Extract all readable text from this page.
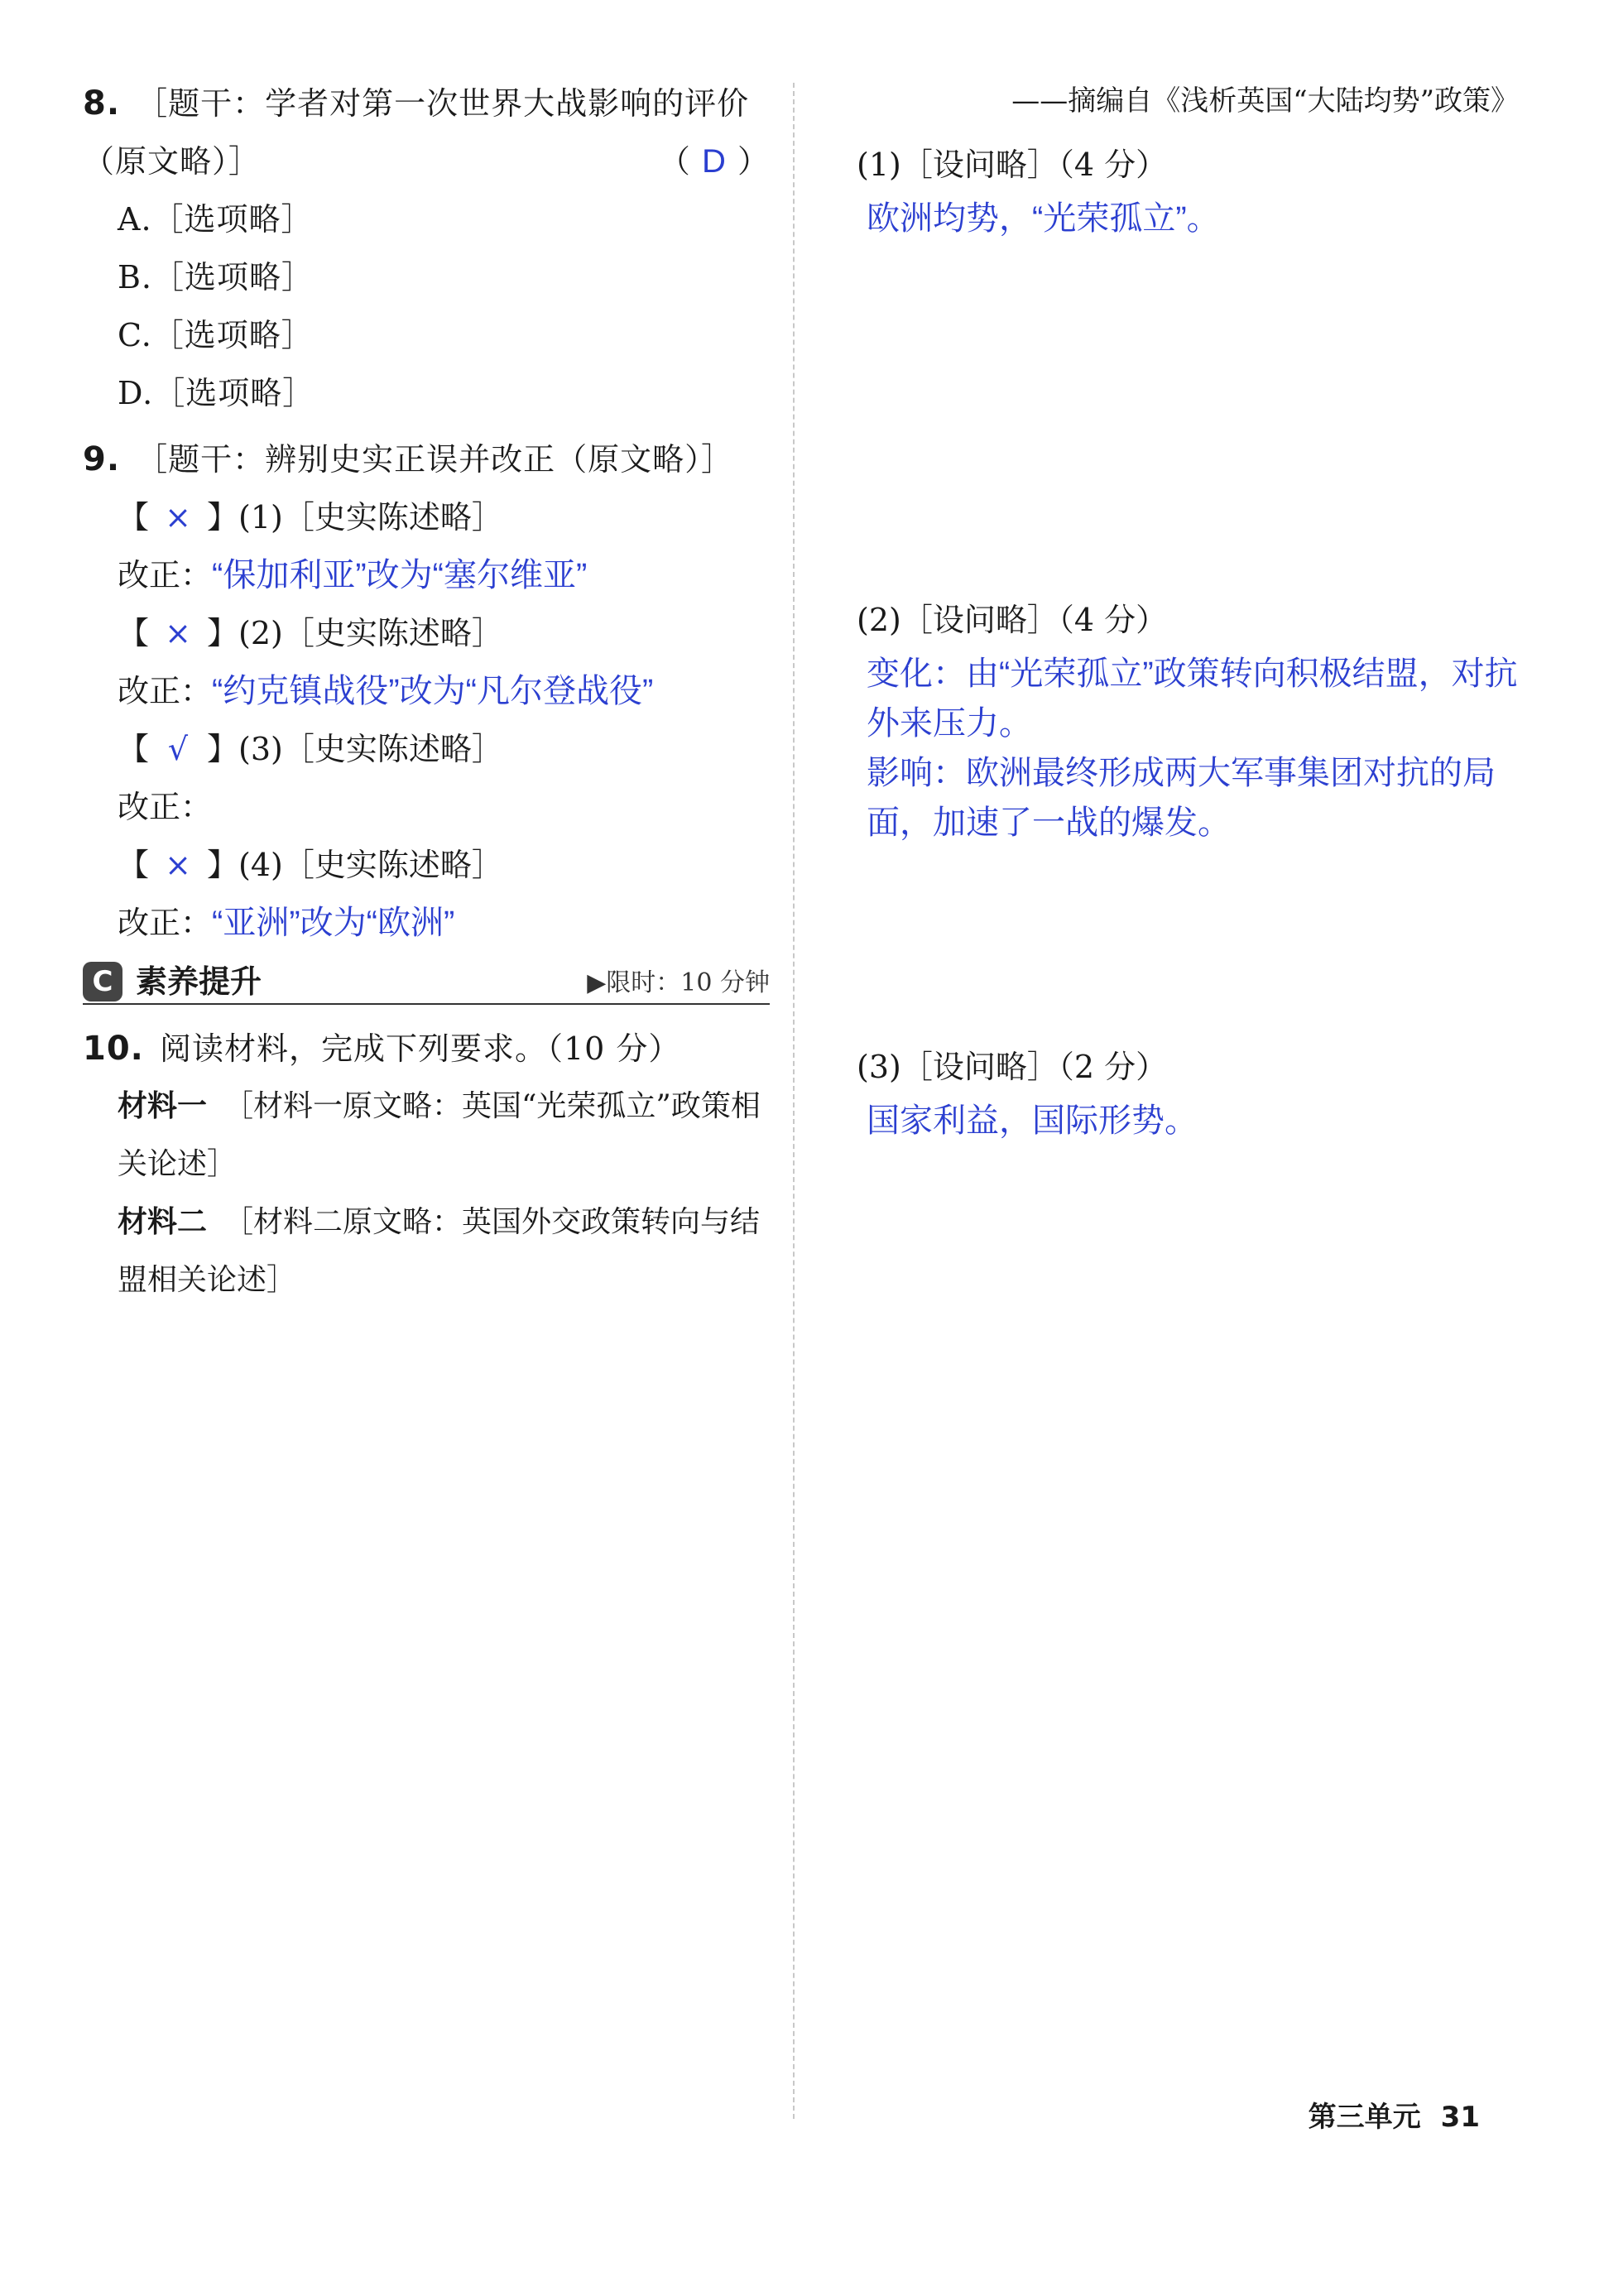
8. ［题干：学者对第一次世界大战影响的评价（原文略）］	（ D ）
A.［选项略］
B.［选项略］
C.［选项略］
D.［选项略］
9. ［题干：辨别史实正误并改正（原文略）］
【 × 】(1)［史实陈述略］
改正：“保加利亚”改为“塞尔维亚”
【 × 】(2)［史实陈述略］
改正：“约克镇战役”改为“凡尔登战役”
【 √ 】(3)［史实陈述略］
改正：
【 × 】(4)［史实陈述略］
改正：“亚洲”改为“欧洲”
C 素养提升	▶限时：10 分钟
10. 阅读材料，完成下列要求。（10 分）
材料一 ［材料一原文略：英国“光荣孤立”政策相关论述］
材料二 ［材料二原文略：英国外交政策转向与结盟相关论述］
——摘编自《浅析英国“大陆均势”政策》
(1)［设问略］（4 分）
欧洲均势，“光荣孤立”。
(2)［设问略］（4 分）
变化：由“光荣孤立”政策转向积极结盟，对抗外来压力。
影响：欧洲最终形成两大军事集团对抗的局面，加速了一战的爆发。
(3)［设问略］（2 分）
国家利益，国际形势。
第三单元 31
